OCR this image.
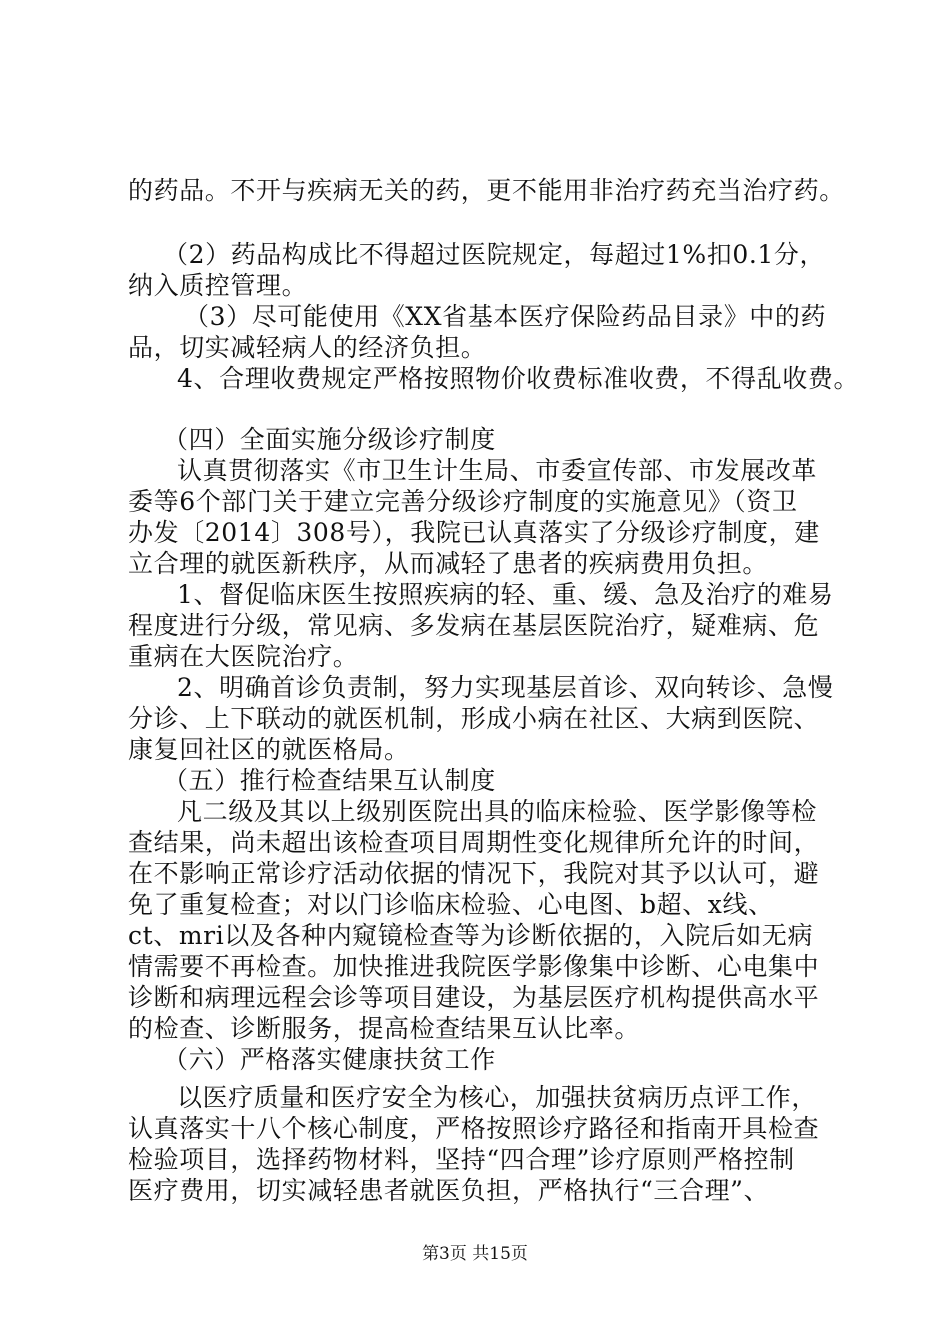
的药品。不开与疾病无关的药，更不能用非治疗药充当治疗药。
（2）药品构成比不得超过医院规定，每超过1%扣0.1分，
纳入质控管理。
（3）尽可能使用《XX省基本医疗保险药品目录》中的药
品，切实减轻病人的经济负担。
4、合理收费规定严格按照物价收费标准收费，不得乱收费。
（四）全面实施分级诊疗制度
认真贯彻落实《市卫生计生局、市委宣传部、市发展改革
委等6个部门关于建立完善分级诊疗制度的实施意见》（资卫
办发〔2014〕308号），我院已认真落实了分级诊疗制度，建
立合理的就医新秩序，从而减轻了患者的疾病费用负担。
1、督促临床医生按照疾病的轻、重、缓、急及治疗的难易
程度进行分级，常见病、多发病在基层医院治疗，疑难病、危
重病在大医院治疗。
2、明确首诊负责制，努力实现基层首诊、双向转诊、急慢
分诊、上下联动的就医机制，形成小病在社区、大病到医院、
康复回社区的就医格局。
（五）推行检查结果互认制度
凡二级及其以上级别医院出具的临床检验、医学影像等检
查结果，尚未超出该检查项目周期性变化规律所允许的时间，
在不影响正常诊疗活动依据的情况下，我院对其予以认可，避
免了重复检查；对以门诊临床检验、心电图、b超、x线、
ct、mri以及各种内窥镜检查等为诊断依据的，入院后如无病
情需要不再检查。加快推进我院医学影像集中诊断、心电集中
诊断和病理远程会诊等项目建设，为基层医疗机构提供高水平
的检查、诊断服务，提高检查结果互认比率。
（六）严格落实健康扶贫工作
以医疗质量和医疗安全为核心，加强扶贫病历点评工作，
认真落实十八个核心制度，严格按照诊疗路径和指南开具检查
检验项目，选择药物材料，坚持“四合理”诊疗原则严格控制
医疗费用，切实减轻患者就医负担，严格执行“三合理”、
第3页 共15页
